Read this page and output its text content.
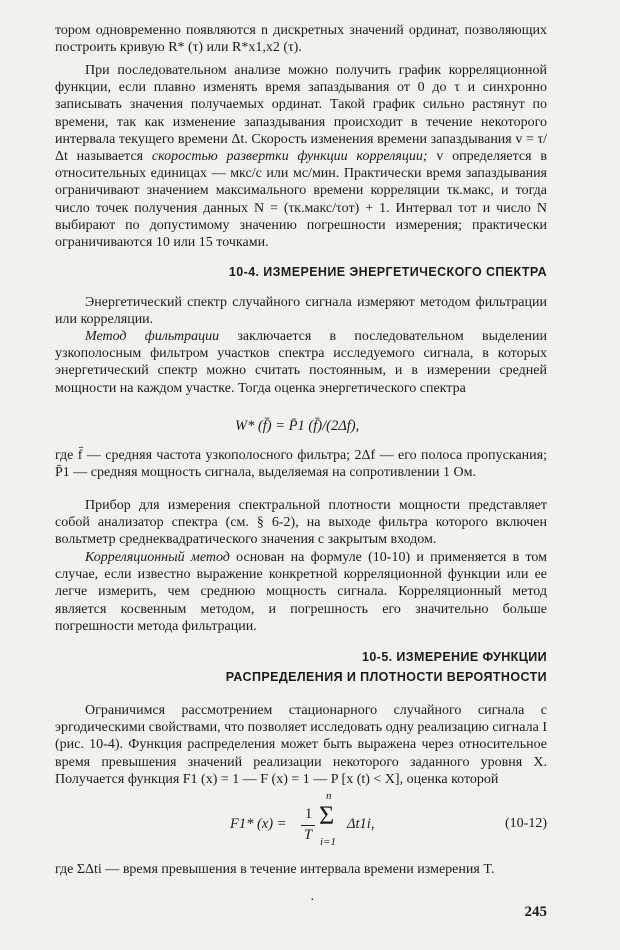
тором одновременно появляются n дискретных значений ординат, позволяющих построить кривую R* (τ) или R*x1,x2 (τ).

При последовательном анализе можно получить график корреляционной функции, если плавно изменять время запаздывания от 0 до τ и синхронно записывать значения получаемых ординат. Такой график сильно растянут по времени, так как изменение запаздывания происходит в течение некоторого интервала текущего времени Δt. Скорость изменения времени запаздывания v = τ/Δt называется скоростью развертки функции корреляции; v определяется в относительных единицах — мкс/с или мс/мин. Практически время запаздывания ограничивают значением максимального времени корреляции τк.макс, и тогда число точек получения данных N = (τк.макс/τот) + 1. Интервал τот и число N выбирают по допустимому значению погрешности измерения; практически ограничиваются 10 или 15 точками.

10-4. ИЗМЕРЕНИЕ ЭНЕРГЕТИЧЕСКОГО СПЕКТРА

Энергетический спектр случайного сигнала измеряют методом фильтрации или корреляции.

Метод фильтрации заключается в последовательном выделении узкополосным фильтром участков спектра исследуемого сигнала, в которых энергетический спектр можно считать постоянным, и в измерении средней мощности на каждом участке. Тогда оценка энергетического спектра

W* (f̄) = P̄1 (f̄)/(2Δf),

где f̄ — средняя частота узкополосного фильтра; 2Δf — его полоса пропускания; P̄1 — средняя мощность сигнала, выделяемая на сопротивлении 1 Ом.

Прибор для измерения спектральной плотности мощности представляет собой анализатор спектра (см. § 6-2), на выходе фильтра которого включен вольтметр среднеквадратического значения с закрытым входом.

Корреляционный метод основан на формуле (10-10) и применяется в том случае, если известно выражение конкретной корреляционной функции или ее легче измерить, чем среднюю мощность сигнала. Корреляционный метод является косвенным методом, и погрешность его значительно больше погрешности метода фильтрации.

10-5. ИЗМЕРЕНИЕ ФУНКЦИИ
РАСПРЕДЕЛЕНИЯ И ПЛОТНОСТИ ВЕРОЯТНОСТИ

Ограничимся рассмотрением стационарного случайного сигнала с эргодическими свойствами, что позволяет исследовать одну реализацию сигнала I (рис. 10-4). Функция распределения может быть выражена через относительное время превышения значений реализации некоторого заданного уровня X. Получается функция F1 (x) = 1 — F (x) = 1 — P [x (t) < X], оценка которой

F1* (x) =
1
T
n
Σ
i=1
Δt1i,	(10-12)

где ΣΔti — время превышения в течение интервала времени измерения T.

·
245
